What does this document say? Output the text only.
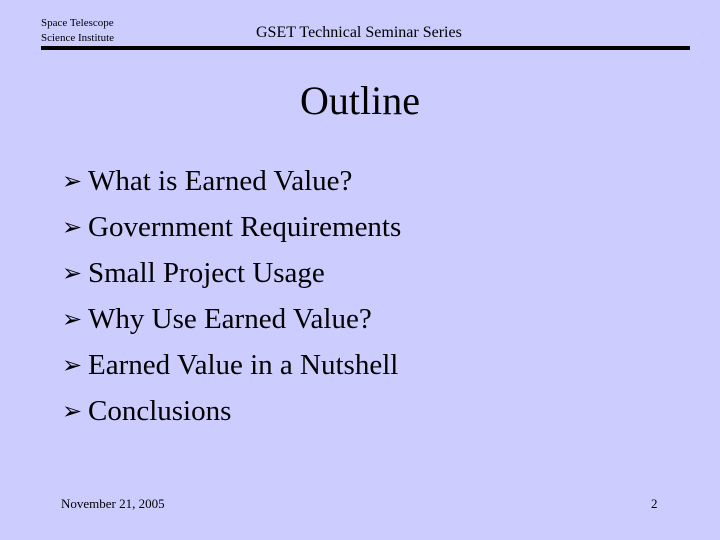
Space Telescope
Science Institute	GSET Technical Seminar Series
Outline
➢ What is Earned Value?
➢ Government Requirements
➢ Small Project Usage
➢ Why Use Earned Value?
➢ Earned Value in a Nutshell
➢ Conclusions
November 21, 2005	2
